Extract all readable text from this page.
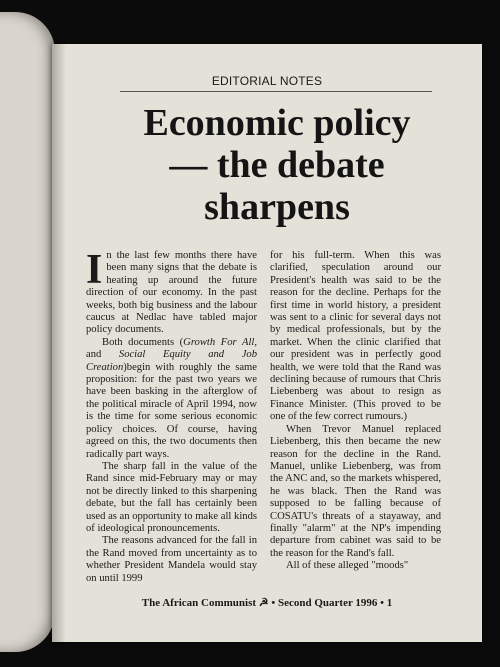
EDITORIAL NOTES
Economic policy
— the debate
sharpens

In the last few months there have been many signs that the debate is heating up around the future direction of our economy. In the past weeks, both big business and the labour caucus at Nedlac have tabled major policy documents.

Both documents (Growth For All, and Social Equity and Job Creation)begin with roughly the same proposition: for the past two years we have been basking in the afterglow of the political miracle of April 1994, now is the time for some serious economic policy choices. Of course, having agreed on this, the two documents then radically part ways.

The sharp fall in the value of the Rand since mid-February may or may not be directly linked to this sharpening debate, but the fall has certainly been used as an opportunity to make all kinds of ideological pronouncements.

The reasons advanced for the fall in the Rand moved from uncertainty as to whether President Mandela would stay on until 1999

for his full-term. When this was clarified, speculation around our President's health was said to be the reason for the decline. Perhaps for the first time in world history, a president was sent to a clinic for several days not by medical professionals, but by the market. When the clinic clarified that our president was in perfectly good health, we were told that the Rand was declining because of rumours that Chris Liebenberg was about to resign as Finance Minister. (This proved to be one of the few correct rumours.)

When Trevor Manuel replaced Liebenberg, this then became the new reason for the decline in the Rand. Manuel, unlike Liebenberg, was from the ANC and, so the markets whispered, he was black. Then the Rand was supposed to be falling because of COSATU's threats of a stayaway, and finally "alarm" at the NP's impending departure from cabinet was said to be the reason for the Rand's fall.

All of these alleged "moods"

The African Communist ☭ • Second Quarter 1996 • 1
